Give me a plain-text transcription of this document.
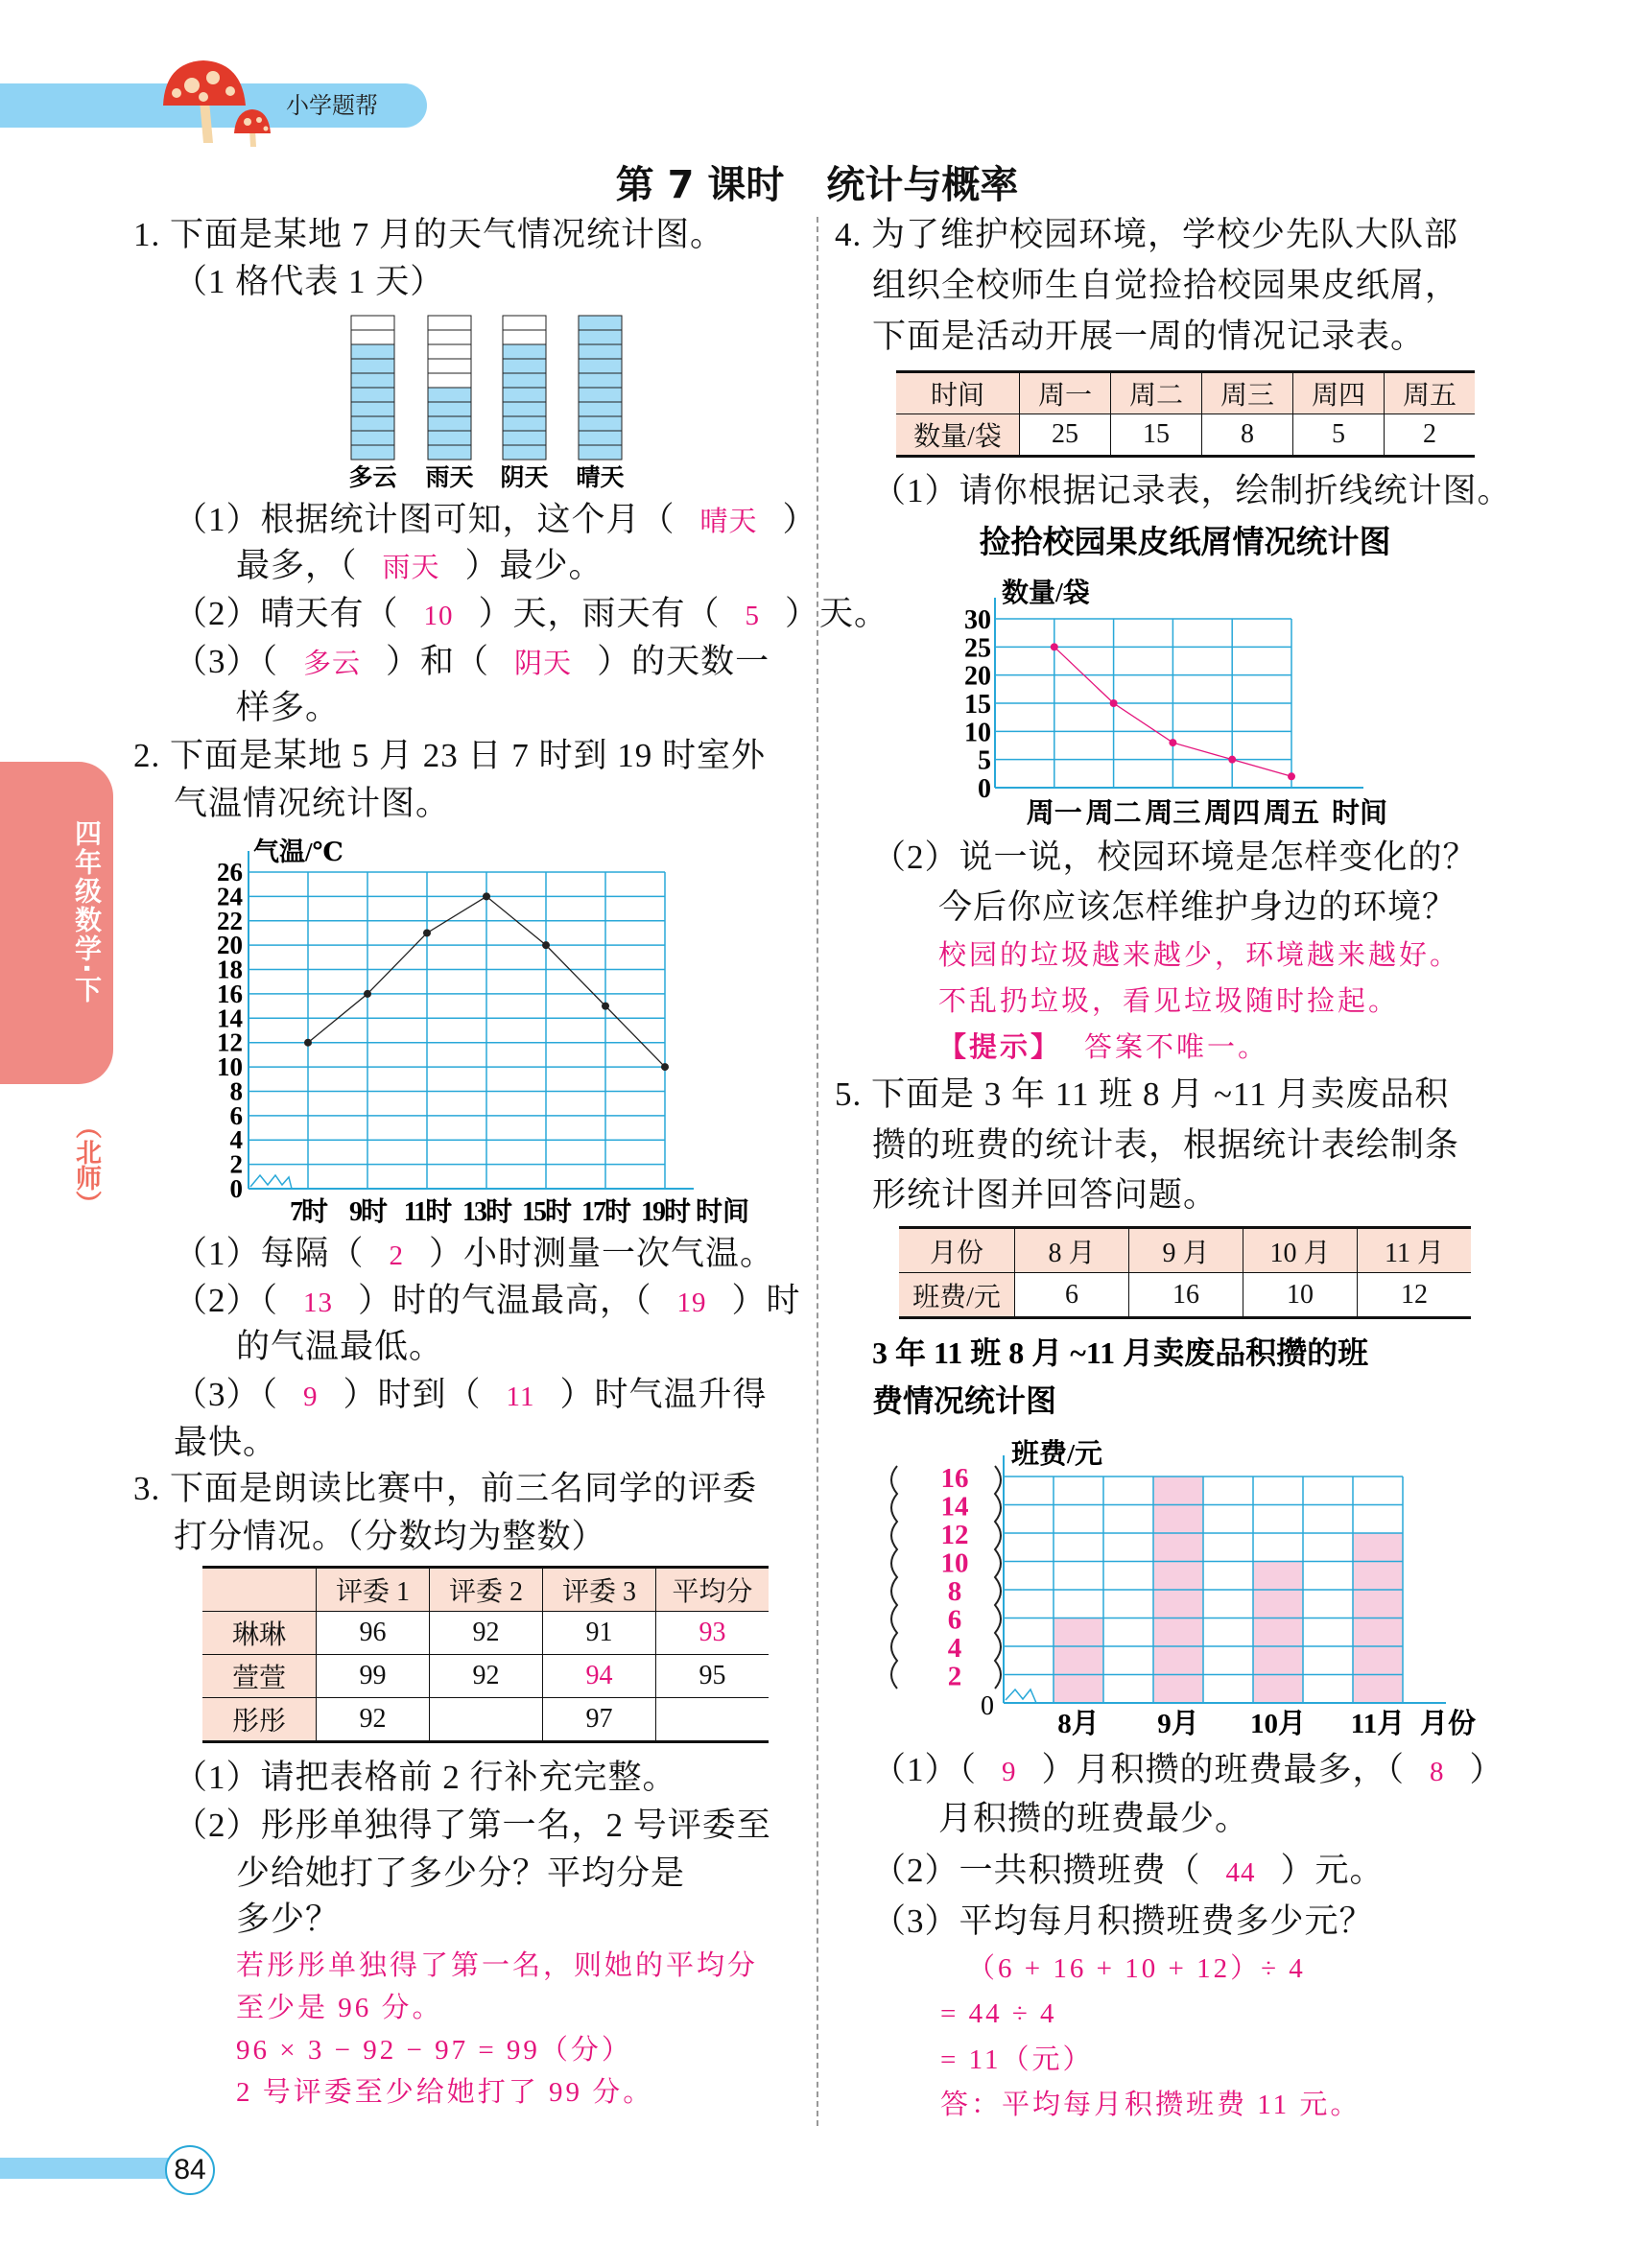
小学题帮
第 7 课时 统计与概率
四年级数学·下
（北师）
84
多云 雨天 阴天 晴天
0
2
4
6
8
10
12
14
16
18
20
22
24
26
气温/℃
7时 9时 11时 13时 15时 17时 19时 时间
捡拾校园果皮纸屑情况统计图
0
5
10
15
20
25
30
数量/袋
周一 周二 周三 周四 周五 时间
3 年 11 班 8 月 ~11 月卖废品积攒的班
费情况统计图
2
4
6
8
10
12
14
16
0
班费/元
8月 9月 10月 11月 月份
1. 下面是某地 7 月的天气情况统计图。
（1 格代表 1 天）
（1）根据统计图可知，这个月（ 晴天 ）
最多，（ 雨天 ）最少。
（2）晴天有（ 10 ）天，雨天有（ 5 ）天。
（3）（ 多云 ）和（ 阴天 ）的天数一
样多。
2. 下面是某地 5 月 23 日 7 时到 19 时室外
气温情况统计图。
（1）每隔（ 2 ）小时测量一次气温。
（2）（ 13 ）时的气温最高，（ 19 ）时
的气温最低。
（3）（ 9 ）时到（ 11 ）时气温升得
最快。
3. 下面是朗读比赛中，前三名同学的评委
打分情况。（分数均为整数）
（1）请把表格前 2 行补充完整。
（2）彤彤单独得了第一名，2 号评委至
少给她打了多少分？平均分是
多少？
若彤彤单独得了第一名，则她的平均分
至少是 96 分。
96 × 3 − 92 − 97 = 99（分）
2 号评委至少给她打了 99 分。
4. 为了维护校园环境，学校少先队大队部
组织全校师生自觉捡拾校园果皮纸屑，
下面是活动开展一周的情况记录表。
（1）请你根据记录表，绘制折线统计图。
（2）说一说，校园环境是怎样变化的？
今后你应该怎样维护身边的环境？
校园的垃圾越来越少，环境越来越好。
不乱扔垃圾，看见垃圾随时捡起。
【提示】 答案不唯一。
5. 下面是 3 年 11 班 8 月 ~11 月卖废品积
攒的班费的统计表，根据统计表绘制条
形统计图并回答问题。
（1）（ 9 ）月积攒的班费最多，（ 8 ）
月积攒的班费最少。
（2）一共积攒班费（ 44 ）元。
（3）平均每月积攒班费多少元？
（6 + 16 + 10 + 12）÷ 4
= 44 ÷ 4
= 11（元）
答：平均每月积攒班费 11 元。
	评委 1	评委 2	评委 3	平均分
琳琳	96	92	91	93
萱萱	99	92	94	95
彤彤	92		97	
时间	周一	周二	周三	周四	周五
数量/袋	25	15	8	5	2
月份	8 月	9 月	10 月	11 月
班费/元	6	16	10	12
